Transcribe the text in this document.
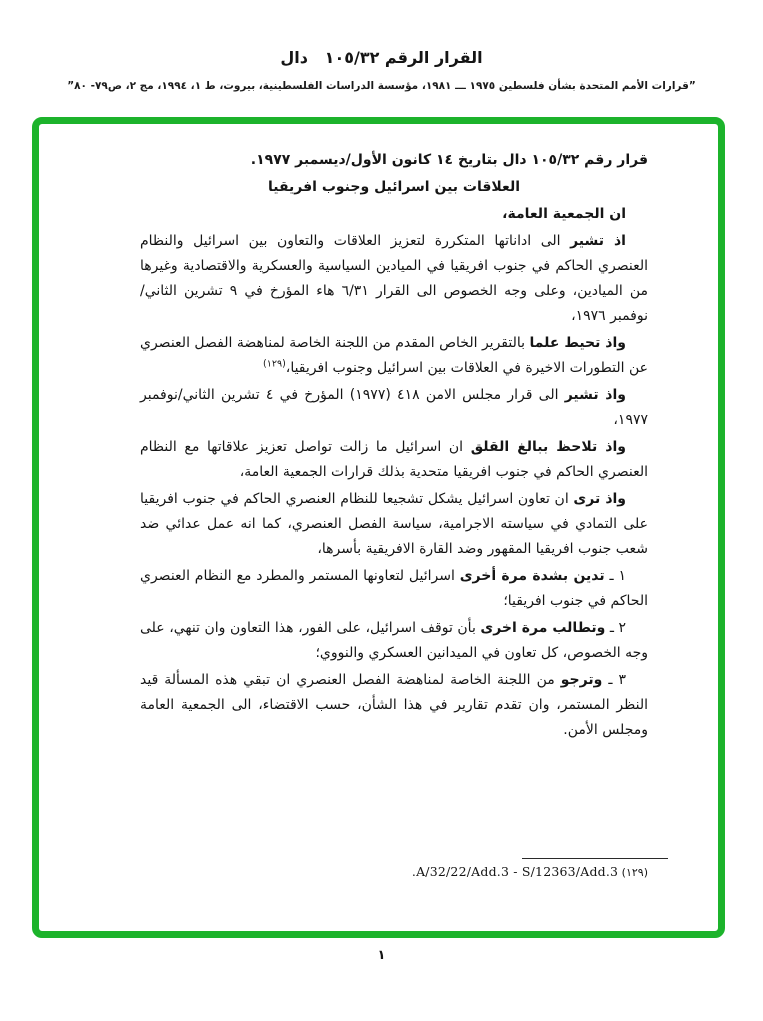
القرار الرقم ١٠٥/٣٢   دال
”قرارات الأمم المتحدة بشأن فلسطين ١٩٧٥ ـــ ١٩٨١، مؤسسة الدراسات الفلسطينية، بيروت، ط ١، ١٩٩٤، مج ٢، ص٧٩- ٨٠”

قرار رقم ١٠٥/٣٢ دال بتاريخ ١٤ كانون الأول/ديسمبر ١٩٧٧.

العلاقات بين اسرائيل وجنوب افريقيا

ان الجمعية العامة،

اذ تشير الى اداناتها المتكررة لتعزيز العلاقات والتعاون بين اسرائيل والنظام العنصري الحاكم في جنوب افريقيا في الميادين السياسية والعسكرية والاقتصادية وغيرها من الميادين، وعلى وجه الخصوص الى القرار ٦/٣١ هاء المؤرخ في ٩ تشرين الثاني/نوفمبر ١٩٧٦،

واذ تحيط علما بالتقرير الخاص المقدم من اللجنة الخاصة لمناهضة الفصل العنصري عن التطورات الاخيرة في العلاقات بين اسرائيل وجنوب افريقيا،$^{(١٢٩)}$

واذ تشير الى قرار مجلس الامن ٤١٨ (١٩٧٧) المؤرخ في ٤ تشرين الثاني/نوفمبر ١٩٧٧،

واذ تلاحظ ببالغ القلق ان اسرائيل ما زالت تواصل تعزيز علاقاتها مع النظام العنصري الحاكم في جنوب افريقيا متحدية بذلك قرارات الجمعية العامة،

واذ ترى ان تعاون اسرائيل يشكل تشجيعا للنظام العنصري الحاكم في جنوب افريقيا على التمادي في سياسته الاجرامية، سياسة الفصل العنصري، كما انه عمل عدائي ضد شعب جنوب افريقيا المقهور وضد القارة الافريقية بأسرها،

١ ـ تدين بشدة مرة أخرى اسرائيل لتعاونها المستمر والمطرد مع النظام العنصري الحاكم في جنوب افريقيا؛

٢ ـ وتطالب مرة اخرى بأن توقف اسرائيل، على الفور، هذا التعاون وان تنهي، على وجه الخصوص، كل تعاون في الميدانين العسكري والنووي؛

٣ ـ وترجو من اللجنة الخاصة لمناهضة الفصل العنصري ان تبقي هذه المسألة قيد النظر المستمر، وان تقدم تقارير في هذا الشأن، حسب الاقتضاء، الى الجمعية العامة ومجلس الأمن.

(١٢٩) A/32/22/Add.3 - S/12363/Add.3.

١
